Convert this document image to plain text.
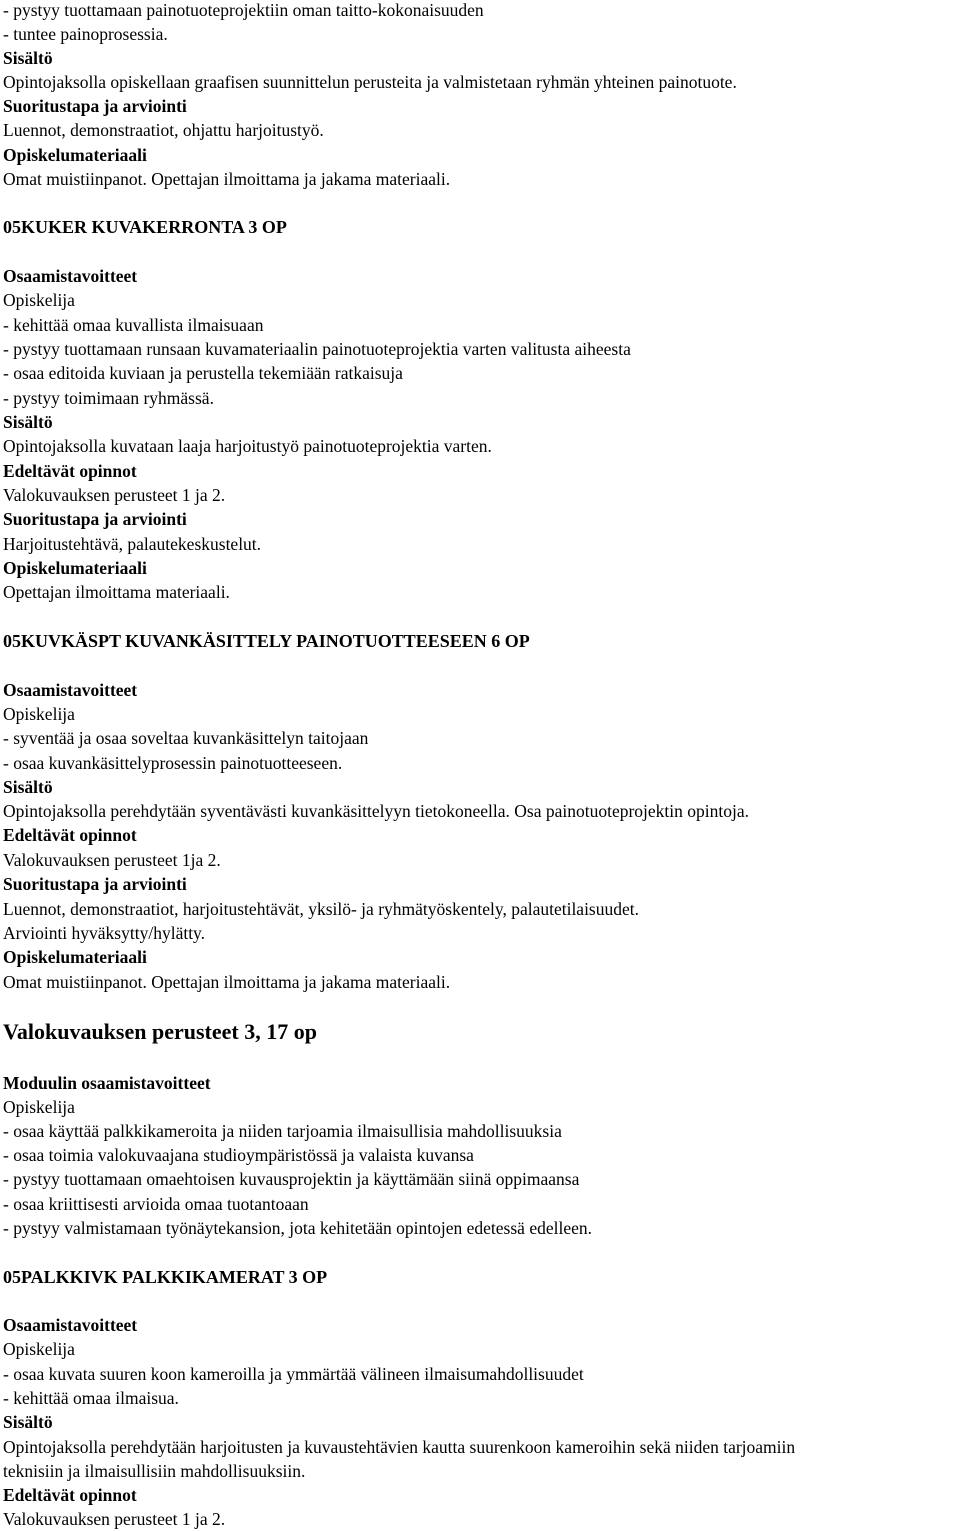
- pystyy tuottamaan painotuoteprojektiin oman taitto-kokonaisuuden
- tuntee painoprosessia.
Sisältö
Opintojaksolla opiskellaan graafisen suunnittelun perusteita ja valmistetaan ryhmän yhteinen painotuote.
Suoritustapa ja arviointi
Luennot, demonstraatiot, ohjattu harjoitustyö.
Opiskelumateriaali
Omat muistiinpanot. Opettajan ilmoittama ja jakama materiaali.
05KUKER KUVAKERRONTA 3 OP
Osaamistavoitteet
Opiskelija
- kehittää omaa kuvallista ilmaisuaan
- pystyy tuottamaan runsaan kuvamateriaalin painotuoteprojektia varten valitusta aiheesta
- osaa editoida kuviaan ja perustella tekemiään ratkaisuja
- pystyy toimimaan ryhmässä.
Sisältö
Opintojaksolla kuvataan laaja harjoitustyö painotuoteprojektia varten.
Edeltävät opinnot
Valokuvauksen perusteet 1 ja 2.
Suoritustapa ja arviointi
Harjoitustehtävä, palautekeskustelut.
Opiskelumateriaali
Opettajan ilmoittama materiaali.
05KUVKÄSPT KUVANKÄSITTELY PAINOTUOTTEESEEN 6 OP
Osaamistavoitteet
Opiskelija
- syventää ja osaa soveltaa kuvankäsittelyn taitojaan
- osaa kuvankäsittelyprosessin painotuotteeseen.
Sisältö
Opintojaksolla perehdytään syventävästi kuvankäsittelyyn tietokoneella. Osa painotuoteprojektin opintoja.
Edeltävät opinnot
Valokuvauksen perusteet 1ja 2.
Suoritustapa ja arviointi
Luennot, demonstraatiot, harjoitustehtävät, yksilö- ja ryhmätyöskentely, palautetilaisuudet.
Arviointi hyväksytty/hylätty.
Opiskelumateriaali
Omat muistiinpanot. Opettajan ilmoittama ja jakama materiaali.
Valokuvauksen perusteet 3, 17 op
Moduulin osaamistavoitteet
Opiskelija
- osaa käyttää palkkikameroita ja niiden tarjoamia ilmaisullisia mahdollisuuksia
- osaa toimia valokuvaajana studioympäristössä ja valaista kuvansa
- pystyy tuottamaan omaehtoisen kuvausprojektin ja käyttämään siinä oppimaansa
- osaa kriittisesti arvioida omaa tuotantoaan
- pystyy valmistamaan työnäytekansion, jota kehitetään opintojen edetessä edelleen.
05PALKKIVK PALKKIKAMERAT 3 OP
Osaamistavoitteet
Opiskelija
- osaa kuvata suuren koon kameroilla ja ymmärtää välineen ilmaisumahdollisuudet
- kehittää omaa ilmaisua.
Sisältö
Opintojaksolla perehdytään harjoitusten ja kuvaustehtävien kautta suurenkoon kameroihin sekä niiden tarjoamiin
teknisiin ja ilmaisullisiin mahdollisuuksiin.
Edeltävät opinnot
Valokuvauksen perusteet 1 ja 2.
